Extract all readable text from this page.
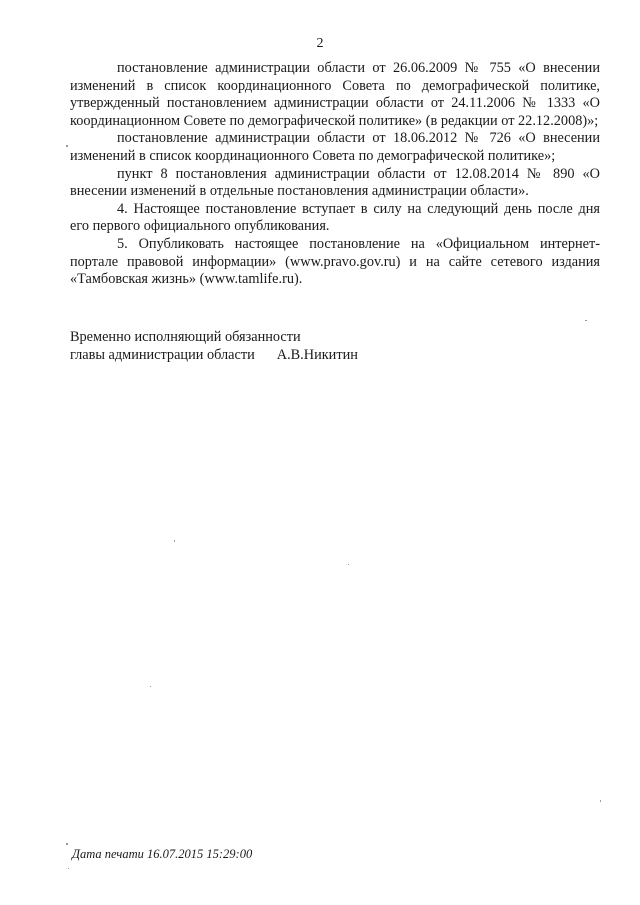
2

постановление администрации области от 26.06.2009 № 755 «О внесении изменений в список координационного Совета по демографической политике, утвержденный постановлением администрации области от 24.11.2006 № 1333 «О координационном Совете по демографической политике» (в редакции от 22.12.2008)»;

постановление администрации области от 18.06.2012 № 726 «О внесении изменений в список координационного Совета по демографической политике»;

пункт 8 постановления администрации области от 12.08.2014 № 890 «О внесении изменений в отдельные постановления администрации области».

4. Настоящее постановление вступает в силу на следующий день после дня его первого официального опубликования.

5. Опубликовать настоящее постановление на «Официальном интернет-портале правовой информации» (www.pravo.gov.ru) и на сайте сетевого издания «Тамбовская жизнь» (www.tamlife.ru).

Временно исполняющий обязанности
главы администрации области А.В.Никитин
Дата печати 16.07.2015 15:29:00
